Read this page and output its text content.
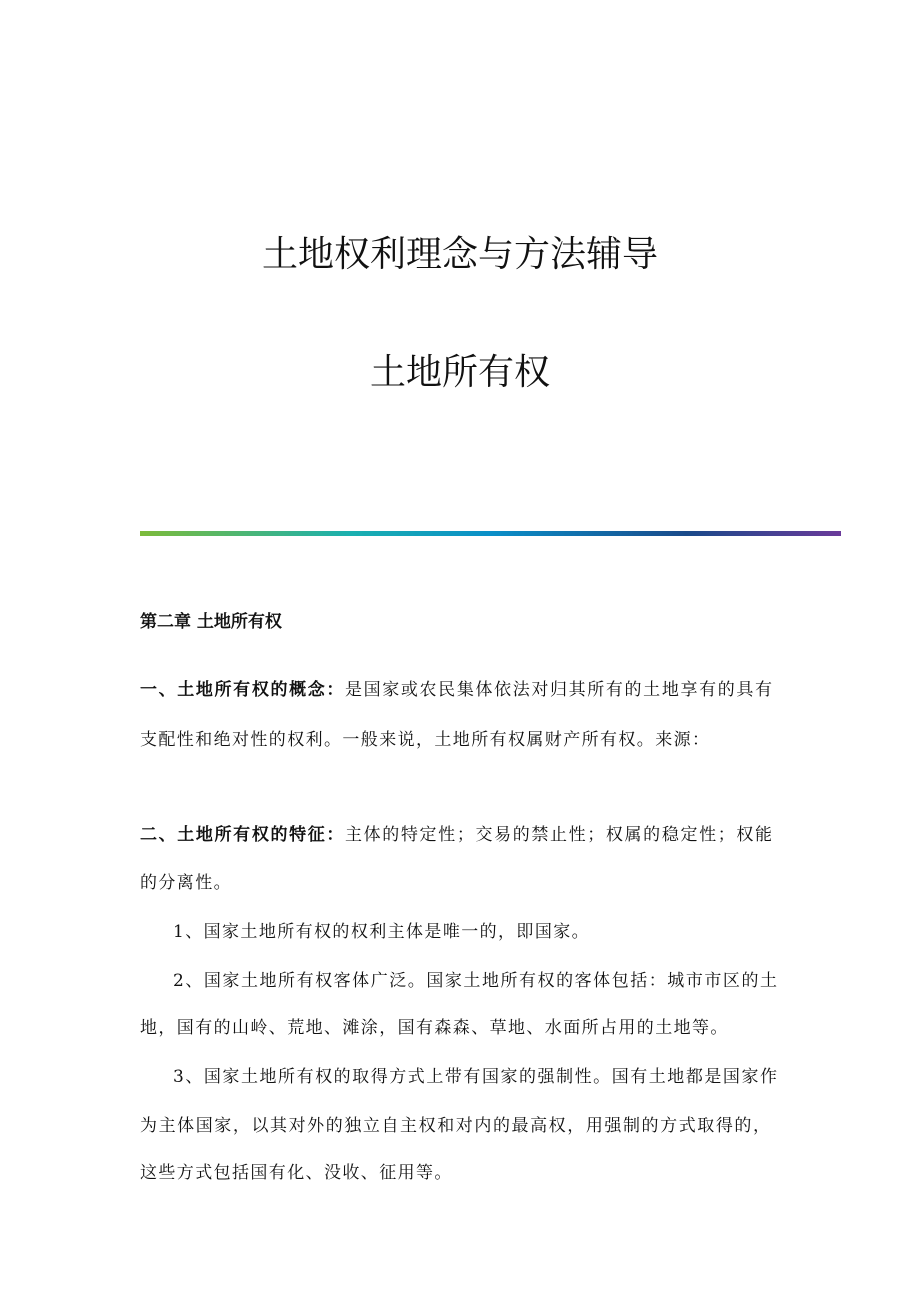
土地权利理念与方法辅导
土地所有权
第二章 土地所有权
一、土地所有权的概念：是国家或农民集体依法对归其所有的土地享有的具有
支配性和绝对性的权利。一般来说，土地所有权属财产所有权。来源：
二、土地所有权的特征：主体的特定性；交易的禁止性；权属的稳定性；权能
的分离性。
1、国家土地所有权的权利主体是唯一的，即国家。
2、国家土地所有权客体广泛。国家土地所有权的客体包括：城市市区的土
地，国有的山岭、荒地、滩涂，国有森森、草地、水面所占用的土地等。
3、国家土地所有权的取得方式上带有国家的强制性。国有土地都是国家作
为主体国家，以其对外的独立自主权和对内的最高权，用强制的方式取得的，
这些方式包括国有化、没收、征用等。
